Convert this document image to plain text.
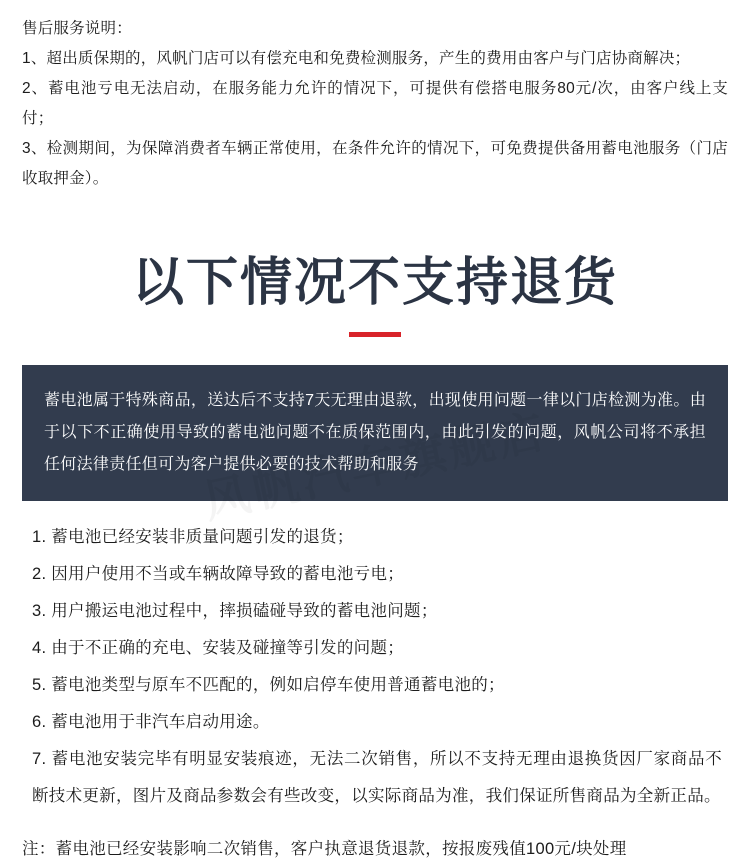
售后服务说明：
1、超出质保期的，风帆门店可以有偿充电和免费检测服务，产生的费用由客户与门店协商解决；
2、蓄电池亏电无法启动，在服务能力允许的情况下，可提供有偿搭电服务80元/次，由客户线上支付；
3、检测期间，为保障消费者车辆正常使用，在条件允许的情况下，可免费提供备用蓄电池服务（门店收取押金）。
以下情况不支持退货
蓄电池属于特殊商品，送达后不支持7天无理由退款，出现使用问题一律以门店检测为准。由于以下不正确使用导致的蓄电池问题不在质保范围内，由此引发的问题，风帆公司将不承担任何法律责任但可为客户提供必要的技术帮助和服务
1. 蓄电池已经安装非质量问题引发的退货；
2. 因用户使用不当或车辆故障导致的蓄电池亏电；
3. 用户搬运电池过程中，摔损磕碰导致的蓄电池问题；
4. 由于不正确的充电、安装及碰撞等引发的问题；
5. 蓄电池类型与原车不匹配的，例如启停车使用普通蓄电池的；
6. 蓄电池用于非汽车启动用途。
7. 蓄电池安装完毕有明显安装痕迹，无法二次销售，所以不支持无理由退换货因厂家商品不断技术更新，图片及商品参数会有些改变，以实际商品为准，我们保证所售商品为全新正品。
注：蓄电池已经安装影响二次销售，客户执意退货退款，按报废残值100元/块处理
